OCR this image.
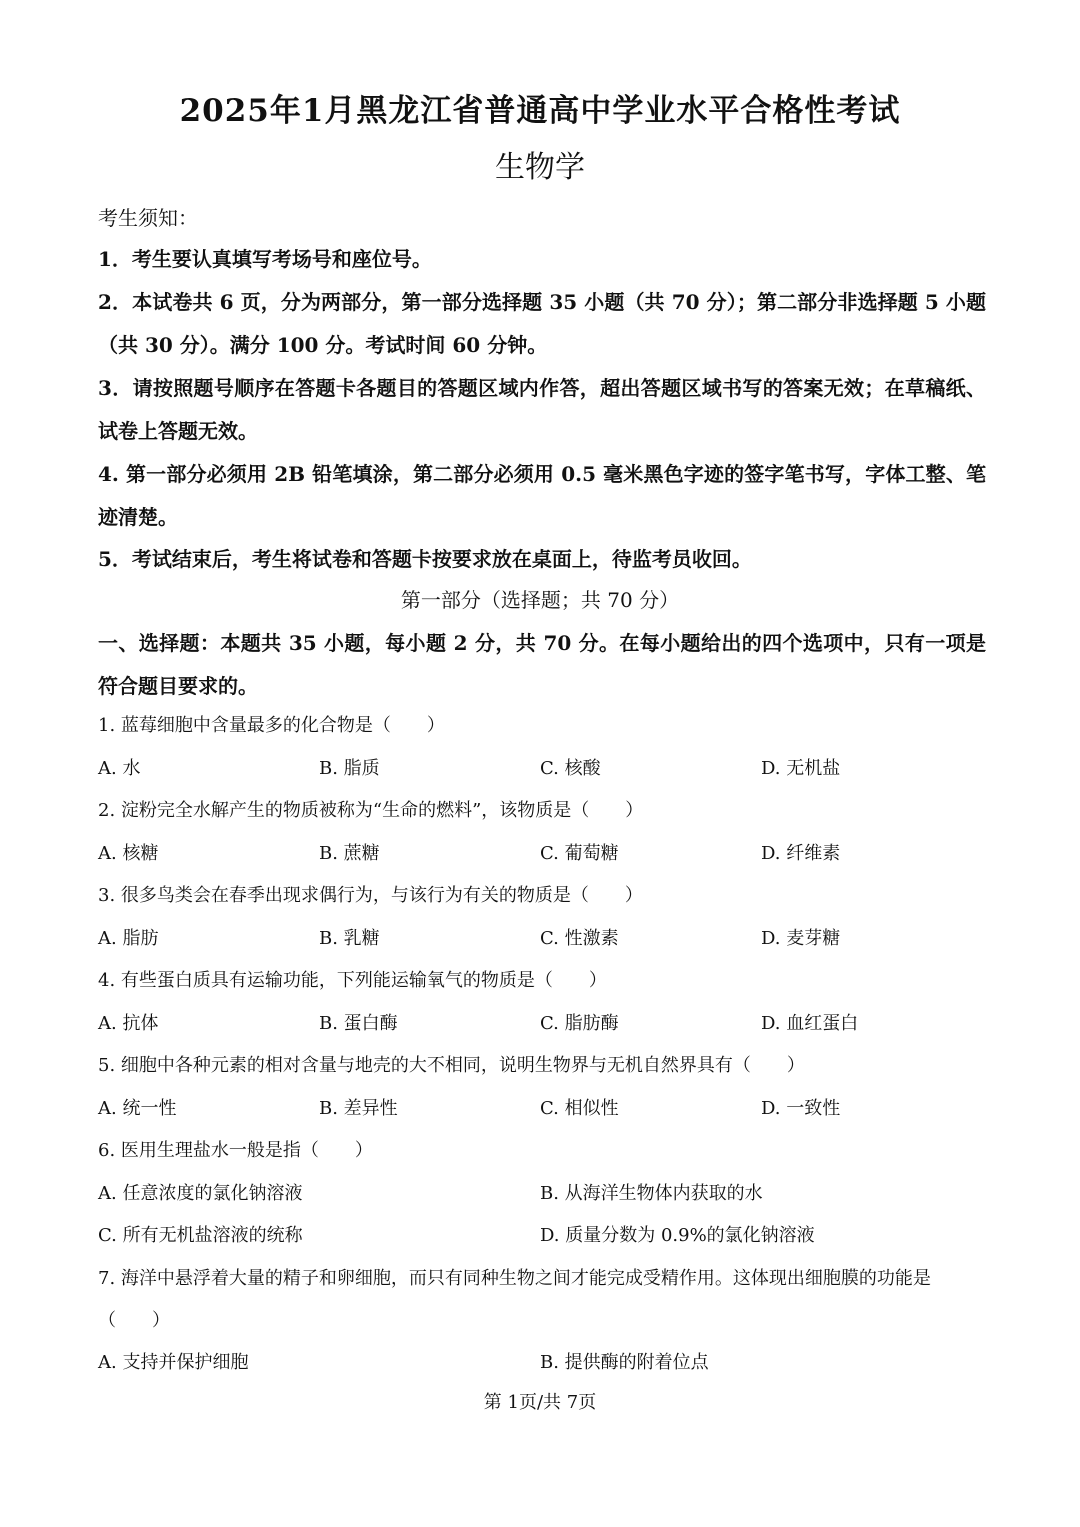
2025年1月黑龙江省普通高中学业水平合格性考试
生物学
考生须知：
1．考生要认真填写考场号和座位号。
2．本试卷共 6 页，分为两部分，第一部分选择题 35 小题（共 70 分）；第二部分非选择题 5 小题（共 30 分）。满分 100 分。考试时间 60 分钟。
3．请按照题号顺序在答题卡各题目的答题区域内作答，超出答题区域书写的答案无效；在草稿纸、试卷上答题无效。
4. 第一部分必须用 2B 铅笔填涂，第二部分必须用 0.5 毫米黑色字迹的签字笔书写，字体工整、笔迹清楚。
5．考试结束后，考生将试卷和答题卡按要求放在桌面上，待监考员收回。
第一部分（选择题；共 70 分）
一、选择题：本题共 35 小题，每小题 2 分，共 70 分。在每小题给出的四个选项中，只有一项是符合题目要求的。
1. 蓝莓细胞中含量最多的化合物是（　　）
A. 水	B. 脂质	C. 核酸	D. 无机盐
2. 淀粉完全水解产生的物质被称为“生命的燃料”，该物质是（　　）
A. 核糖	B. 蔗糖	C. 葡萄糖	D. 纤维素
3. 很多鸟类会在春季出现求偶行为，与该行为有关的物质是（　　）
A. 脂肪	B. 乳糖	C. 性激素	D. 麦芽糖
4. 有些蛋白质具有运输功能，下列能运输氧气的物质是（　　）
A. 抗体	B. 蛋白酶	C. 脂肪酶	D. 血红蛋白
5. 细胞中各种元素的相对含量与地壳的大不相同，说明生物界与无机自然界具有（　　）
A. 统一性	B. 差异性	C. 相似性	D. 一致性
6. 医用生理盐水一般是指（　　）
A. 任意浓度的氯化钠溶液	B. 从海洋生物体内获取的水
C. 所有无机盐溶液的统称	D. 质量分数为 0.9%的氯化钠溶液
7. 海洋中悬浮着大量的精子和卵细胞，而只有同种生物之间才能完成受精作用。这体现出细胞膜的功能是
（　　）
A. 支持并保护细胞	B. 提供酶的附着位点
第 1页/共 7页
